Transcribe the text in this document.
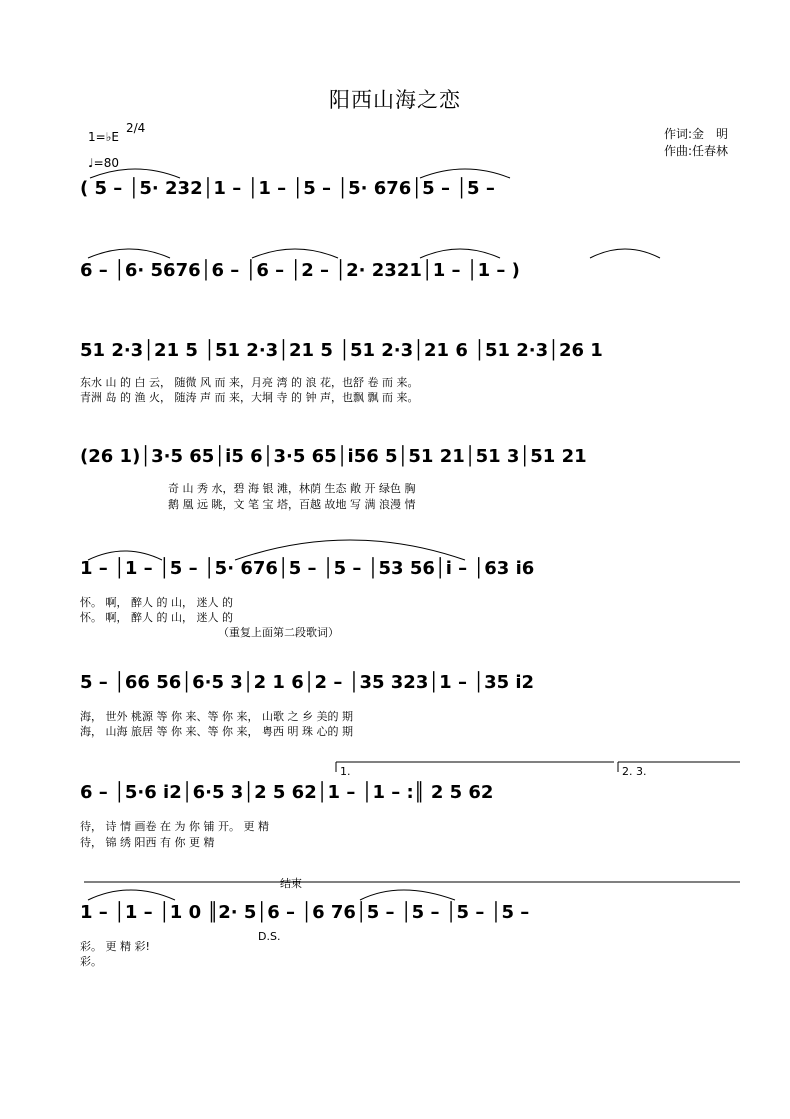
阳西山海之恋
1=♭E
2/4
♩=80
作词:金　明
作曲:任春林
( 5 – │5· 232│1 – │1 – │5 – │5· 676│5 – │5 –
6 – │6· 5676│6 – │6 – │2 – │2· 2321│1 – │1 – )
51 2·3│21 5 │51 2·3│21 5 │51 2·3│21 6 │51 2·3│26 1
东水 山 的 白 云， 随微 风 而 来，月亮 湾 的 浪 花，也舒 卷 而 来。
青洲 岛 的 渔 火， 随涛 声 而 来，大垌 寺 的 钟 声，也飘 飘 而 来。
(26 1)│3·5 65│i5 6│3·5 65│i56 5│51 21│51 3│51 21
奇 山 秀 水，碧 海 银 滩，林荫 生态 敞 开 绿色 胸
鹅 凰 远 眺，文 笔 宝 塔，百越 故地 写 满 浪漫 情
1 – │1 – │5 – │5· 676│5 – │5 – │53 56│i – │63 i6
怀。 啊， 醉人 的 山， 迷人 的
怀。 啊， 醉人 的 山， 迷人 的
（重复上面第二段歌词）
5 – │66 56│6·5 3│2 1 6│2 – │35 323│1 – │35 i2
海， 世外 桃源 等 你 来、等 你 来， 山歌 之 乡 美的 期
海， 山海 旅居 等 你 来、等 你 来， 粤西 明 珠 心的 期
1.	2. 3.
6 – │5·6 i2│6·5 3│2 5 62│1 – │1 – :║ 2 5 62
待， 诗 情 画卷 在 为 你 铺 开。 更 精
待， 锦 绣 阳西 有 你 更 精
结束
1 – │1 – │1 0 ║2· 5│6 – │6 76│5 – │5 – │5 – │5 –
D.S.
彩。 更 精 彩!
彩。
